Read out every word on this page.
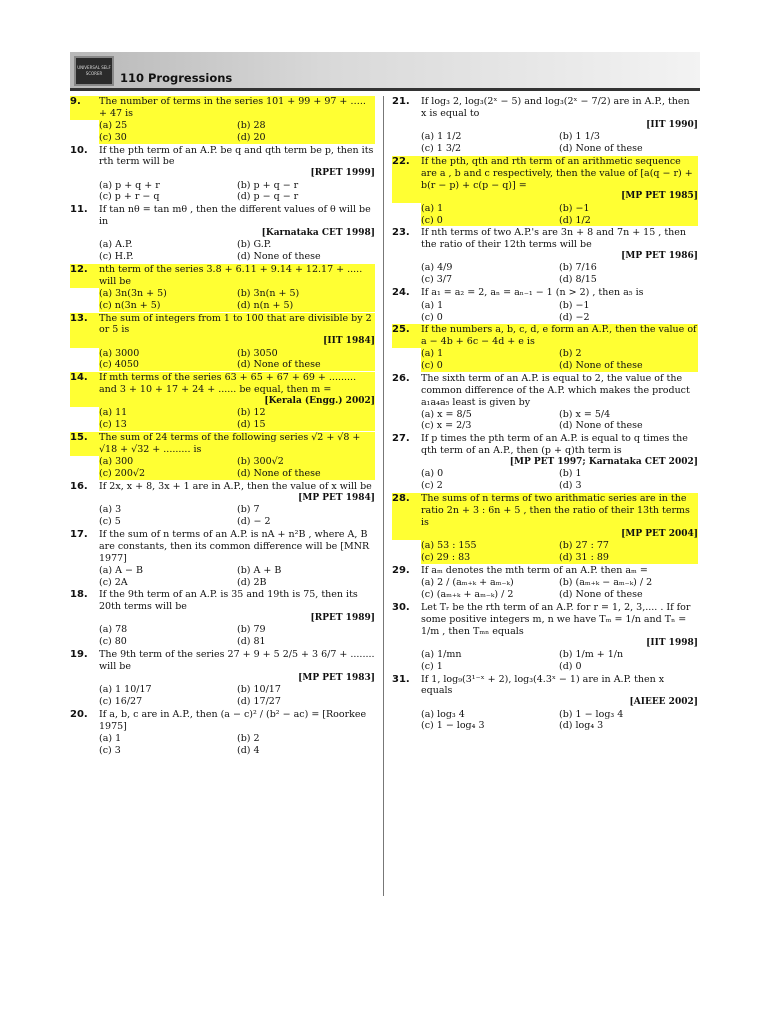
UNIVERSAL SELF SCORER	110 Progressions
9.	The number of terms in the series 101 + 99 + 97 + ….. + 47 is
(a) 25	(b) 28
(c) 30	(d) 20
10.	If the pth term of an A.P. be q and qth term be p, then its rth term will be
[RPET 1999]
(a) p + q + r	(b) p + q − r
(c) p + r − q	(d) p − q − r
11.	If tan nθ = tan mθ , then the different values of θ will be in
[Karnataka CET 1998]
(a) A.P.	(b) G.P.
(c) H.P.	(d) None of these
12.	nth term of the series 3.8 + 6.11 + 9.14 + 12.17 + ..... will be
(a) 3n(3n + 5)	(b) 3n(n + 5)
(c) n(3n + 5)	(d) n(n + 5)
13.	The sum of integers from 1 to 100 that are divisible by 2 or 5 is
[IIT 1984]
(a) 3000	(b) 3050
(c) 4050	(d) None of these
14.	If mth terms of the series 63 + 65 + 67 + 69 + ......... and 3 + 10 + 17 + 24 + ...... be equal, then m =
[Kerala (Engg.) 2002]
(a) 11	(b) 12
(c) 13	(d) 15
15.	The sum of 24 terms of the following series √2 + √8 + √18 + √32 + ......... is
(a) 300	(b) 300√2
(c) 200√2	(d) None of these
16.	If 2x, x + 8, 3x + 1 are in A.P., then the value of x will be
[MP PET 1984]
(a) 3	(b) 7
(c) 5	(d) − 2
17.	If the sum of n terms of an A.P. is nA + n²B , where A, B are constants, then its common difference will be [MNR 1977]
(a) A − B	(b) A + B
(c) 2A	(d) 2B
18.	If the 9th term of an A.P. is 35 and 19th is 75, then its 20th terms will be
[RPET 1989]
(a) 78	(b) 79
(c) 80	(d) 81
19.	The 9th term of the series 27 + 9 + 5 2/5 + 3 6/7 + ........ will be
[MP PET 1983]
(a) 1 10/17	(b) 10/17
(c) 16/27	(d) 17/27
20.	If a, b, c are in A.P., then (a − c)² / (b² − ac) = [Roorkee 1975]
(a) 1	(b) 2
(c) 3	(d) 4
21.	If log₃ 2, log₃(2ˣ − 5) and log₃(2ˣ − 7/2) are in A.P., then x is equal to
[IIT 1990]
(a) 1 1/2	(b) 1 1/3
(c) 1 3/2	(d) None of these
22.	If the pth, qth and rth term of an arithmetic sequence are a , b and c respectively, then the value of [a(q − r) + b(r − p) + c(p − q)] =
[MP PET 1985]
(a) 1	(b) −1
(c) 0	(d) 1/2
23.	If nth terms of two A.P.'s are 3n + 8 and 7n + 15 , then the ratio of their 12th terms will be
[MP PET 1986]
(a) 4/9	(b) 7/16
(c) 3/7	(d) 8/15
24.	If a₁ = a₂ = 2, aₙ = aₙ₋₁ − 1 (n > 2) , then a₅ is
(a) 1	(b) −1
(c) 0	(d) −2
25.	If the numbers a, b, c, d, e form an A.P., then the value of a − 4b + 6c − 4d + e is
(a) 1	(b) 2
(c) 0	(d) None of these
26.	The sixth term of an A.P. is equal to 2, the value of the common difference of the A.P. which makes the product a₁a₄a₅ least is given by
(a) x = 8/5	(b) x = 5/4
(c) x = 2/3	(d) None of these
27.	If p times the pth term of an A.P. is equal to q times the qth term of an A.P., then (p + q)th term is
[MP PET 1997; Karnataka CET 2002]
(a) 0	(b) 1
(c) 2	(d) 3
28.	The sums of n terms of two arithmatic series are in the ratio 2n + 3 : 6n + 5 , then the ratio of their 13th terms is
[MP PET 2004]
(a) 53 : 155	(b) 27 : 77
(c) 29 : 83	(d) 31 : 89
29.	If aₘ denotes the mth term of an A.P. then aₘ =
(a) 2 / (aₘ₊ₖ + aₘ₋ₖ)	(b) (aₘ₊ₖ − aₘ₋ₖ) / 2
(c) (aₘ₊ₖ + aₘ₋ₖ) / 2	(d) None of these
30.	Let Tᵣ be the rth term of an A.P. for r = 1, 2, 3,.... . If for some positive integers m, n we have Tₘ = 1/n and Tₙ = 1/m , then Tₘₙ equals
[IIT 1998]
(a) 1/mn	(b) 1/m + 1/n
(c) 1	(d) 0
31.	If 1, log₉(3¹⁻ˣ + 2), log₃(4.3ˣ − 1) are in A.P. then x equals
[AIEEE 2002]
(a) log₃ 4	(b) 1 − log₃ 4
(c) 1 − log₄ 3	(d) log₄ 3
